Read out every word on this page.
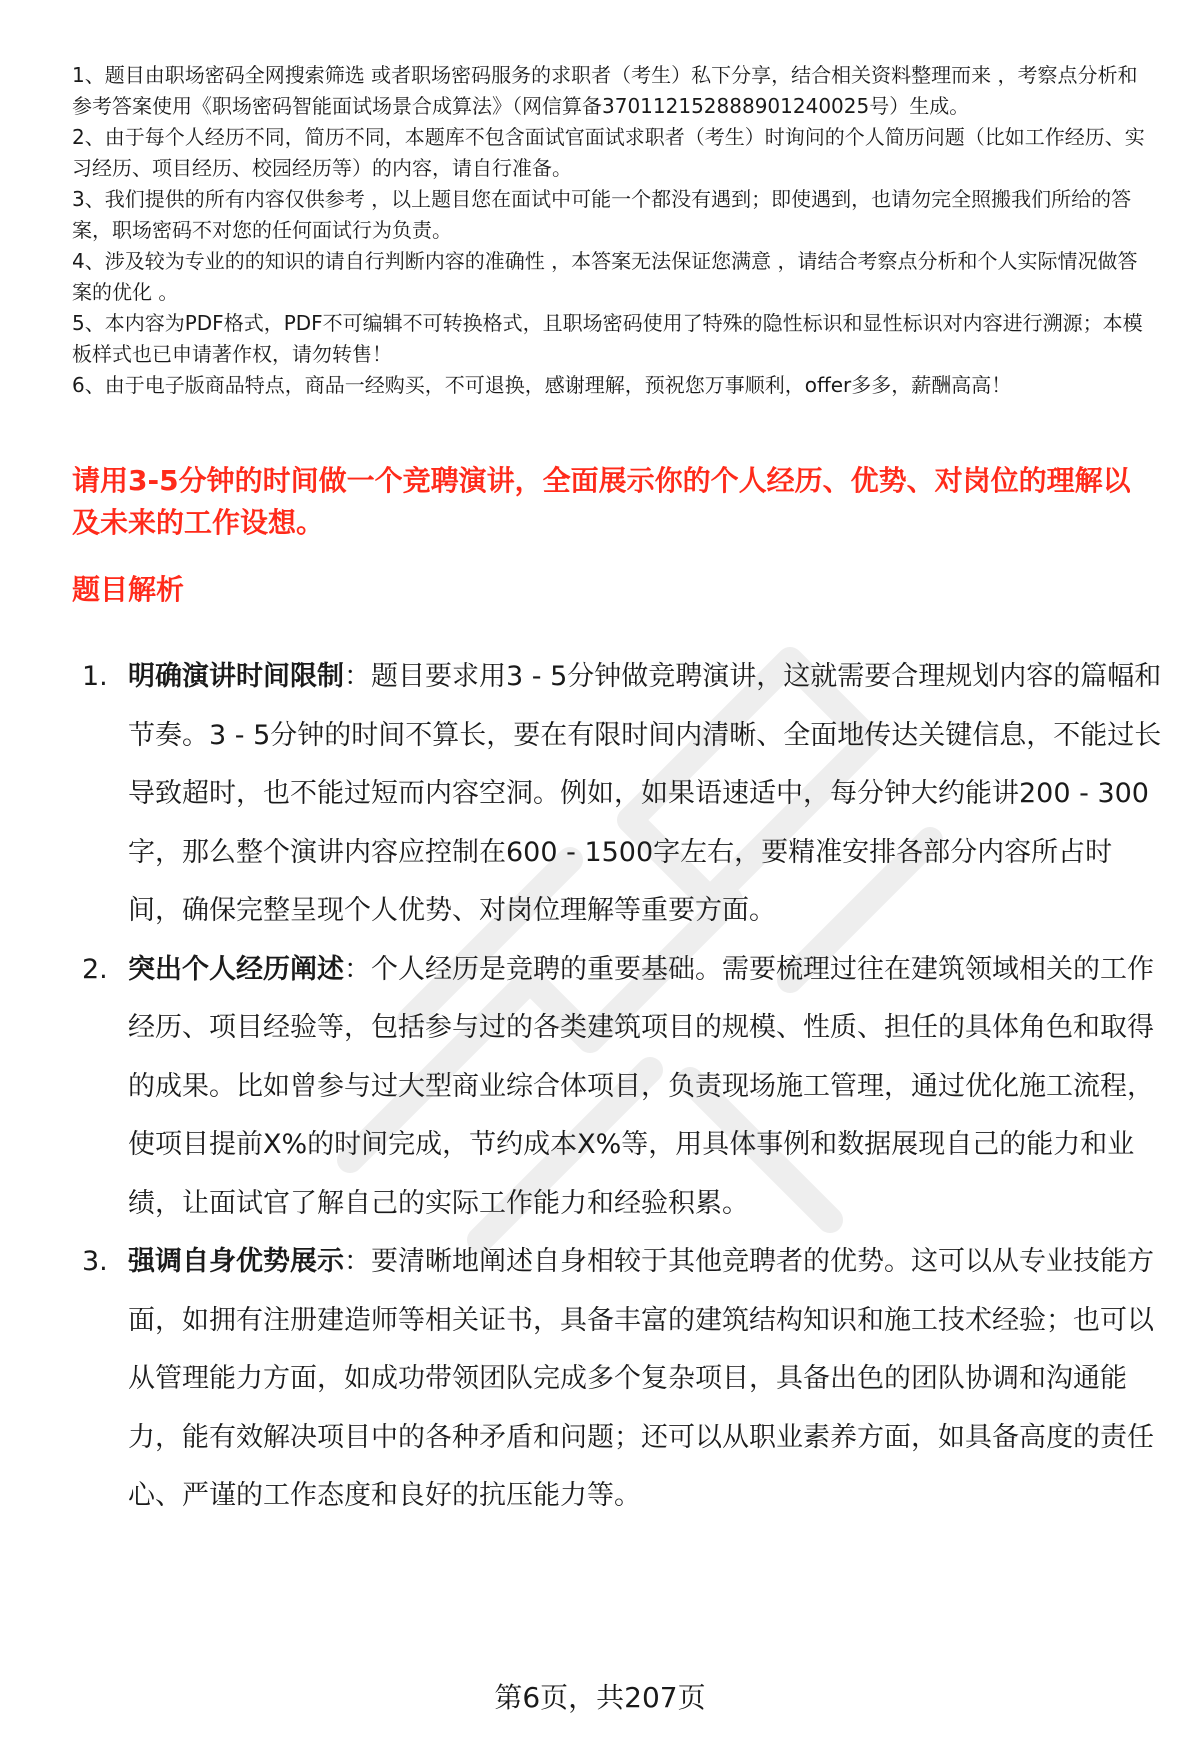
1、题目由职场密码全网搜索筛选 或者职场密码服务的求职者（考生）私下分享，结合相关资料整理而来 ，考察点分析和参考答案使用《职场密码智能面试场景合成算法》（网信算备370112152888901240025号）生成。

2、由于每个人经历不同，简历不同，本题库不包含面试官面试求职者（考生）时询问的个人简历问题（比如工作经历、实习经历、项目经历、校园经历等）的内容，请自行准备。

3、我们提供的所有内容仅供参考 ，以上题目您在面试中可能一个都没有遇到；即使遇到，也请勿完全照搬我们所给的答案，职场密码不对您的任何面试行为负责。

4、涉及较为专业的的知识的请自行判断内容的准确性 ，本答案无法保证您满意 ，请结合考察点分析和个人实际情况做答案的优化 。

5、本内容为PDF格式，PDF不可编辑不可转换格式，且职场密码使用了特殊的隐性标识和显性标识对内容进行溯源；本模板样式也已申请著作权，请勿转售！

6、由于电子版商品特点，商品一经购买，不可退换，感谢理解，预祝您万事顺利，offer多多，薪酬高高！

请用3-5分钟的时间做一个竞聘演讲，全面展示你的个人经历、优势、对岗位的理解以及未来的工作设想。

题目解析

1. 明确演讲时间限制：题目要求用3 - 5分钟做竞聘演讲，这就需要合理规划内容的篇幅和节奏。3 - 5分钟的时间不算长，要在有限时间内清晰、全面地传达关键信息，不能过长导致超时，也不能过短而内容空洞。例如，如果语速适中，每分钟大约能讲200 - 300字，那么整个演讲内容应控制在600 - 1500字左右，要精准安排各部分内容所占时间，确保完整呈现个人优势、对岗位理解等重要方面。
2. 突出个人经历阐述：个人经历是竞聘的重要基础。需要梳理过往在建筑领域相关的工作经历、项目经验等，包括参与过的各类建筑项目的规模、性质、担任的具体角色和取得的成果。比如曾参与过大型商业综合体项目，负责现场施工管理，通过优化施工流程，使项目提前X%的时间完成，节约成本X%等，用具体事例和数据展现自己的能力和业绩，让面试官了解自己的实际工作能力和经验积累。
3. 强调自身优势展示：要清晰地阐述自身相较于其他竞聘者的优势。这可以从专业技能方面，如拥有注册建造师等相关证书，具备丰富的建筑结构知识和施工技术经验；也可以从管理能力方面，如成功带领团队完成多个复杂项目，具备出色的团队协调和沟通能力，能有效解决项目中的各种矛盾和问题；还可以从职业素养方面，如具备高度的责任心、严谨的工作态度和良好的抗压能力等。
第6页，共207页
